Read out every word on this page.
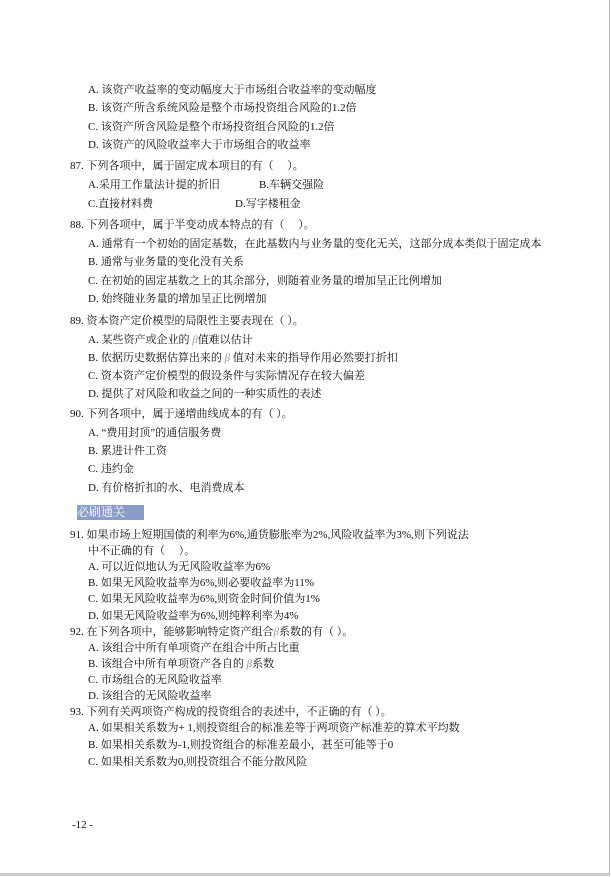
A. 该资产收益率的变动幅度大于市场组合收益率的变动幅度
B. 该资产所含系统风险是整个市场投资组合风险的1.2倍
C. 该资产所含风险是整个市场投资组合风险的1.2倍
D. 该资产的风险收益率大于市场组合的收益率
87. 下列各项中，属于固定成本项目的有（　 ）。
A.采用工作量法计提的折旧	B.车辆交强险
C.直接材料费	D.写字楼租金
88. 下列各项中，属于半变动成本特点的有（　 ）。
A. 通常有一个初始的固定基数，在此基数内与业务量的变化无关，这部分成本类似于固定成本
B. 通常与业务量的变化没有关系
C. 在初始的固定基数之上的其余部分，则随着业务量的增加呈正比例增加
D. 始终随业务量的增加呈正比例增加
89. 资本资产定价模型的局限性主要表现在（ ）。
A. 某些资产或企业的 β值难以估计
B. 依据历史数据估算出来的 β 值对未来的指导作用必然要打折扣
C. 资本资产定价模型的假设条件与实际情况存在较大偏差
D. 提供了对风险和收益之间的一种实质性的表述
90. 下列各项中，属于递增曲线成本的有（ ）。
A. “费用封顶”的通信服务费
B. 累进计件工资
C. 违约金
D. 有价格折扣的水、电消费成本
必刷通关
91. 如果市场上短期国债的利率为6%,通货膨胀率为2%,风险收益率为3%,则下列说法
中不正确的有（　 ）。
A. 可以近似地认为无风险收益率为6%
B. 如果无风险收益率为6%,则必要收益率为11%
C. 如果无风险收益率为6%,则资金时间价值为1%
D. 如果无风险收益率为6%,则纯粹利率为4%
92. 在下列各项中，能够影响特定资产组合β系数的有（ ）。
A. 该组合中所有单项资产在组合中所占比重
B. 该组合中所有单项资产各自的 β系数
C. 市场组合的无风险收益率
D. 该组合的无风险收益率
93. 下列有关两项资产构成的投资组合的表述中，不正确的有（ ）。
A. 如果相关系数为+ 1,则投资组合的标准差等于两项资产标准差的算术平均数
B. 如果相关系数为-1,则投资组合的标准差最小，甚至可能等于0
C. 如果相关系数为0,则投资组合不能分散风险
-12 -
